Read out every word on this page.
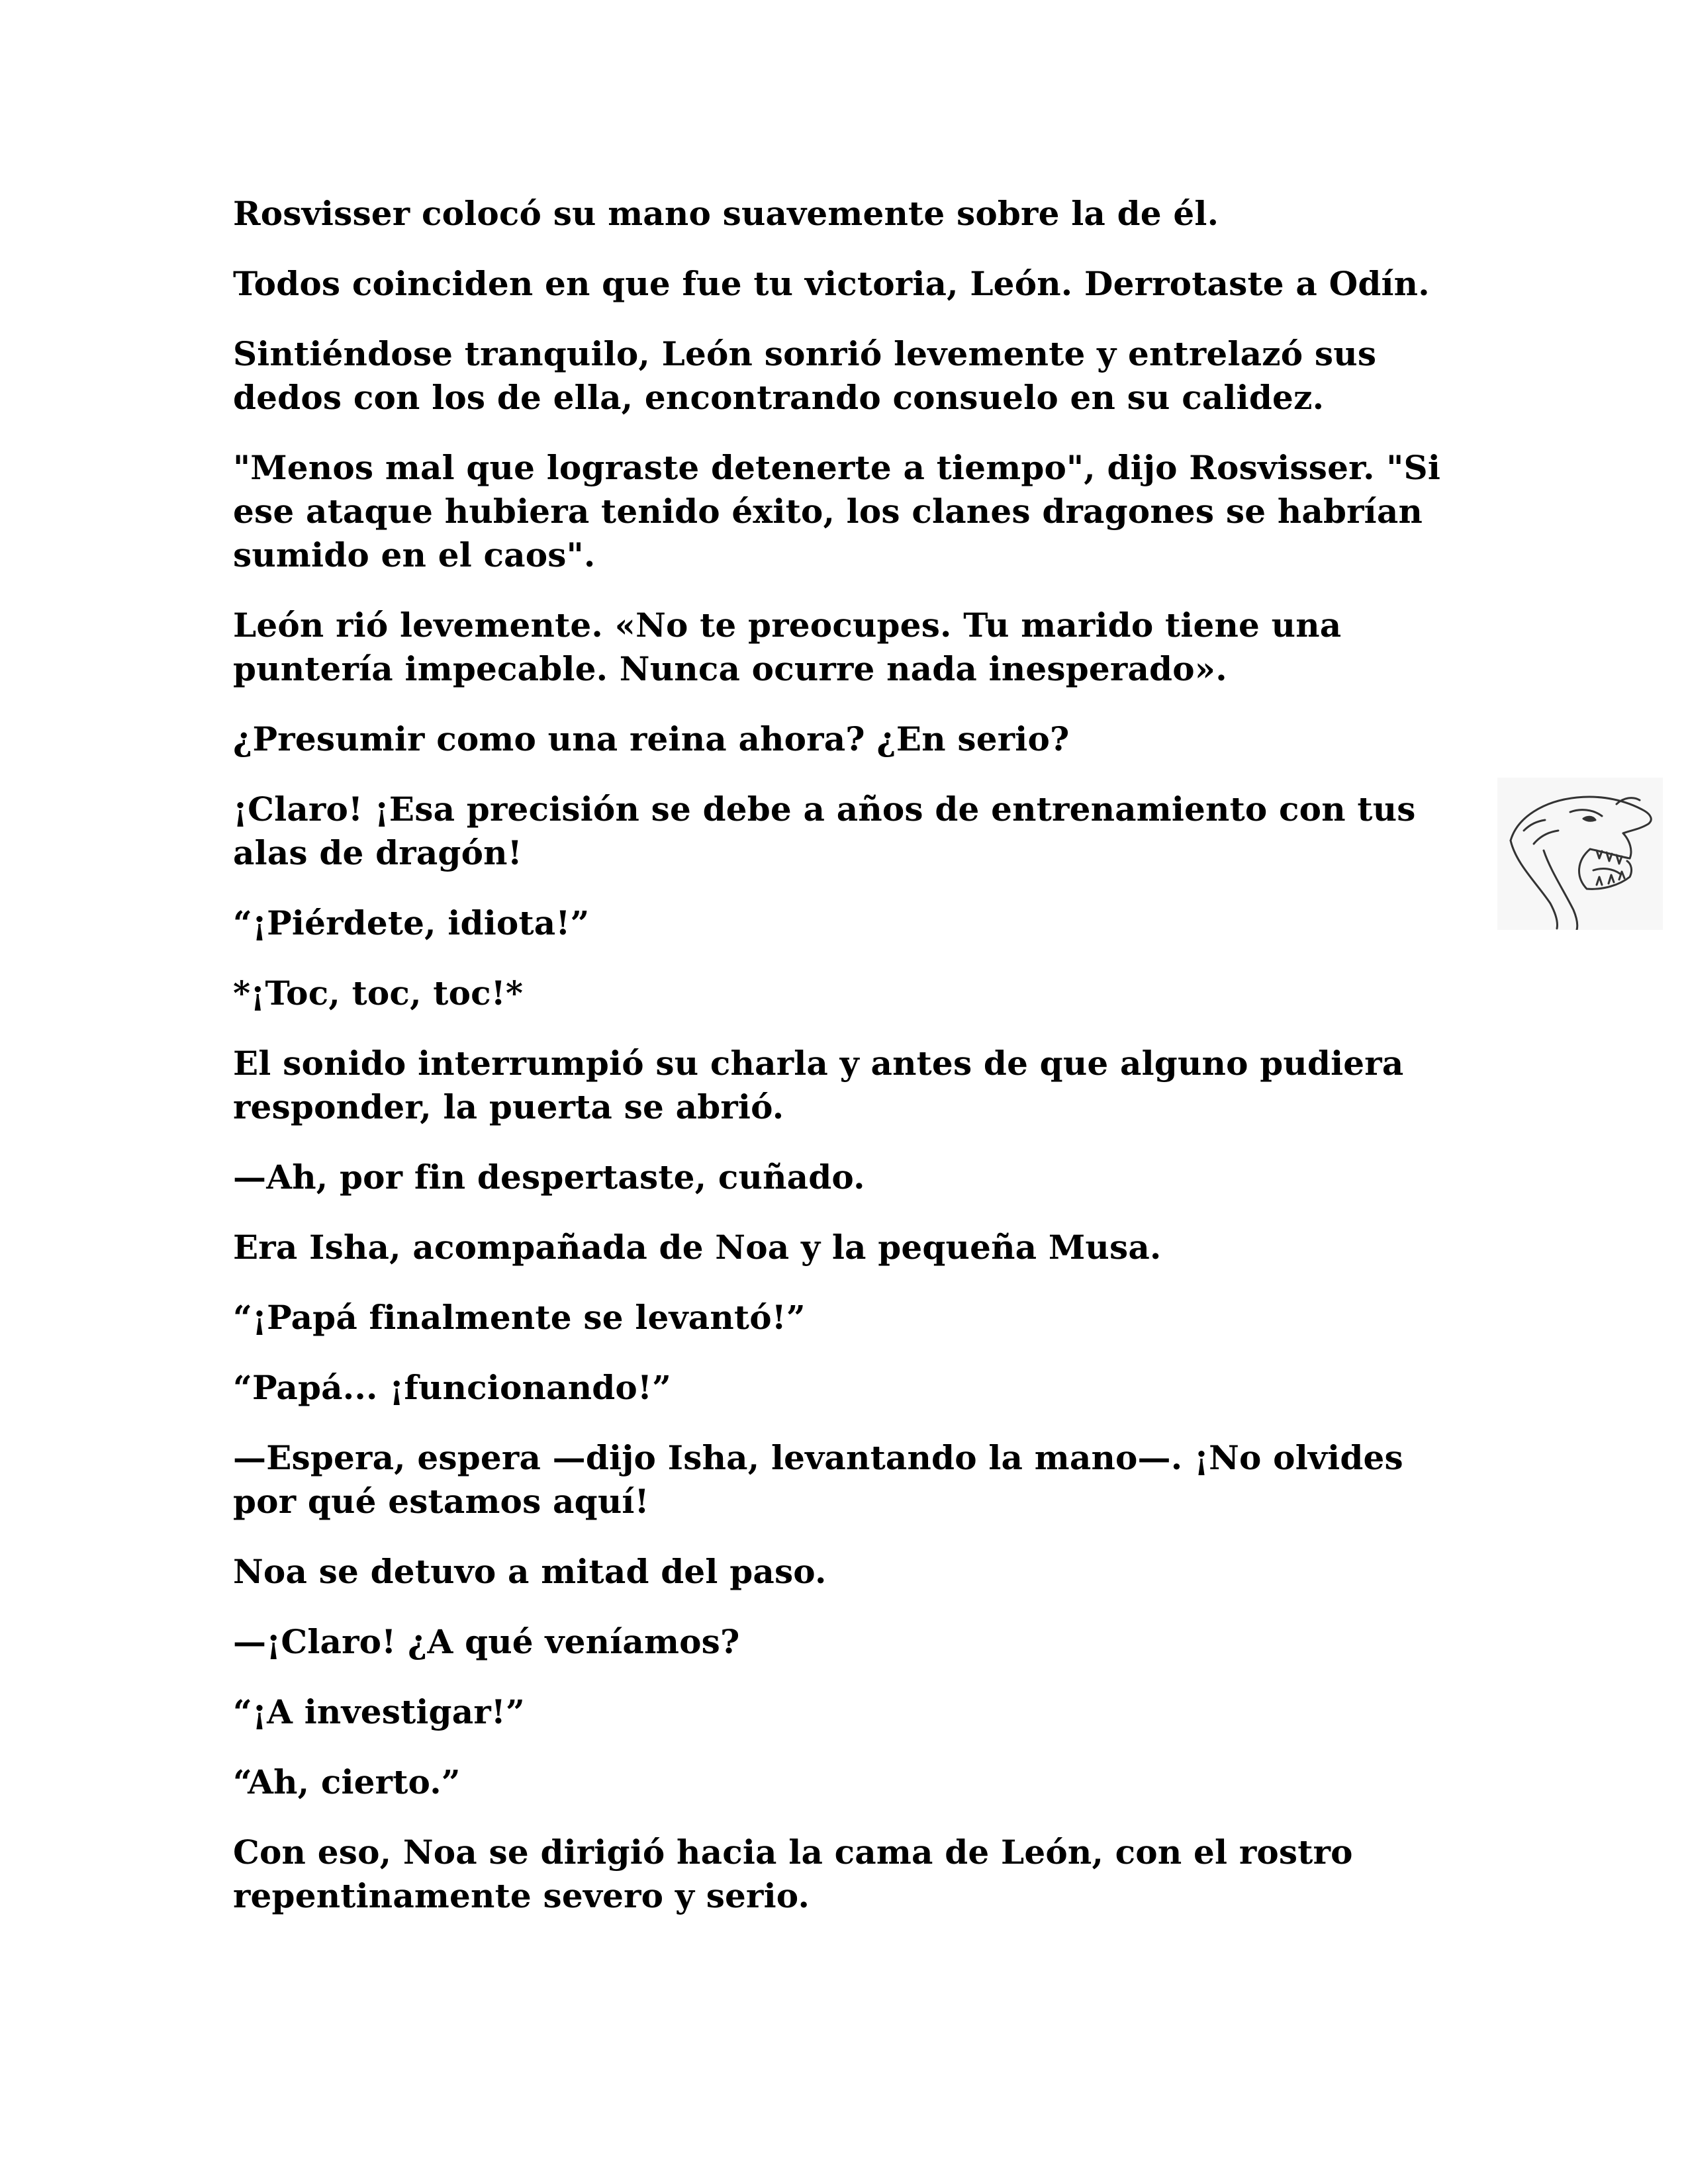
Rosvisser colocó su mano suavemente sobre la de él.

Todos coinciden en que fue tu victoria, León. Derrotaste a Odín.

Sintiéndose tranquilo, León sonrió levemente y entrelazó sus dedos con los de ella, encontrando consuelo en su calidez.

"Menos mal que lograste detenerte a tiempo", dijo Rosvisser. "Si ese ataque hubiera tenido éxito, los clanes dragones se habrían sumido en el caos".

León rió levemente. «No te preocupes. Tu marido tiene una puntería impecable. Nunca ocurre nada inesperado».

¿Presumir como una reina ahora? ¿En serio?

¡Claro! ¡Esa precisión se debe a años de entrenamiento con tus alas de dragón!

“¡Piérdete, idiota!”

*¡Toc, toc, toc!*

El sonido interrumpió su charla y antes de que alguno pudiera responder, la puerta se abrió.

—Ah, por fin despertaste, cuñado.

Era Isha, acompañada de Noa y la pequeña Musa.

“¡Papá finalmente se levantó!”

“Papá... ¡funcionando!”

—Espera, espera —dijo Isha, levantando la mano—. ¡No olvides por qué estamos aquí!

Noa se detuvo a mitad del paso.

—¡Claro! ¿A qué veníamos?

“¡A investigar!”

“Ah, cierto.”

Con eso, Noa se dirigió hacia la cama de León, con el rostro repentinamente severo y serio.
